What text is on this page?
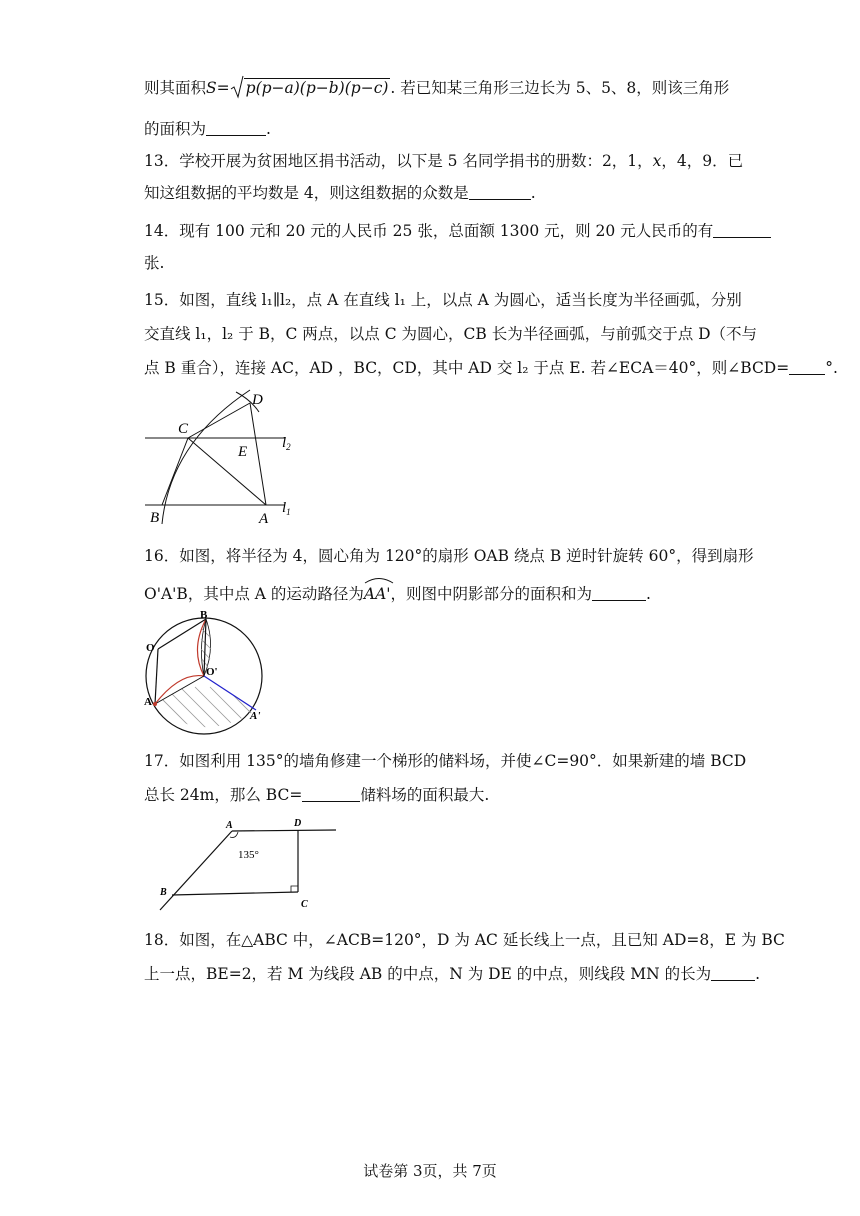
则其面积S= p(p−a)(p−b)(p−c) . 若已知某三角形三边长为 5、5、8，则该三角形
的面积为	.
13．学校开展为贫困地区捐书活动，以下是 5 名同学捐书的册数：2，1，x，4，9．已
知这组数据的平均数是 4，则这组数据的众数是	.
14．现有 100 元和 20 元的人民币 25 张，总面额 1300 元，则 20 元人民币的有
张.
15．如图，直线 l₁∥l₂，点 A 在直线 l₁ 上，以点 A 为圆心，适当长度为半径画弧，分别
交直线 l₁，l₂ 于 B，C 两点，以点 C 为圆心，CB 长为半径画弧，与前弧交于点 D（不与
点 B 重合），连接 AC，AD ，BC，CD，其中 AD 交 l₂ 于点 E. 若∠ECA＝40°，则∠BCD= °.
C
D
E
B	A
$l_2$
$l_1$
16．如图，将半径为 4，圆心角为 120°的扇形 OAB 绕点 B 逆时针旋转 60°，得到扇形
O'A'B，其中点 A 的运动路径为
AA'，则图中阴影部分的面积和为	.
O
B
O'
A
A'
17．如图利用 135°的墙角修建一个梯形的储料场，并使∠C=90°．如果新建的墙 BCD
总长 24m，那么 BC=	储料场的面积最大.
A	D
B
C
135°
18．如图，在△ABC 中，∠ACB=120°，D 为 AC 延长线上一点，且已知 AD=8，E 为 BC
上一点，BE=2，若 M 为线段 AB 的中点，N 为 DE 的中点，则线段 MN 的长为	.
试卷第 3页，共 7页
